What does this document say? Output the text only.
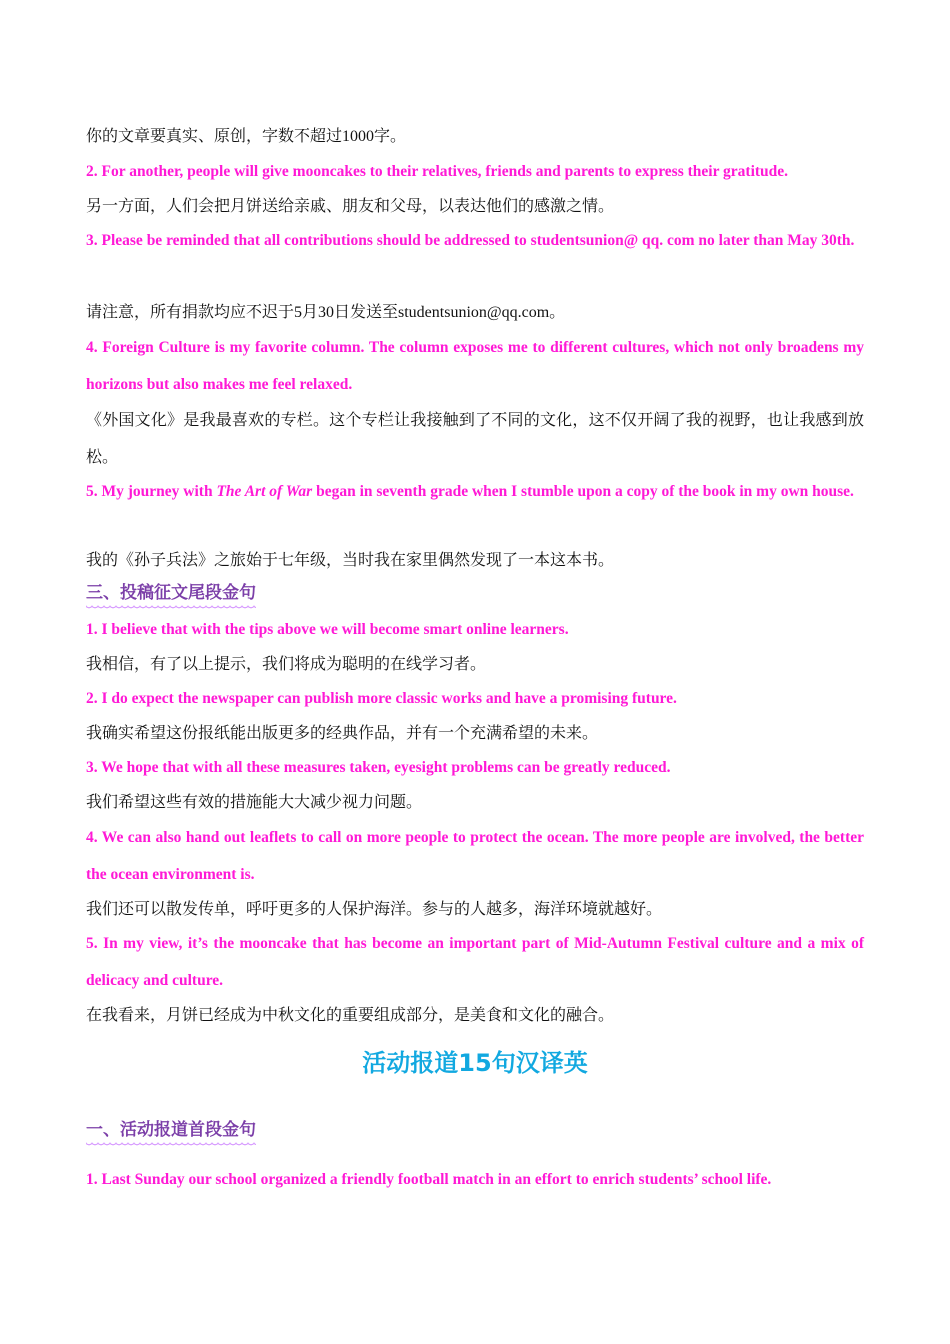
你的文章要真实、原创，字数不超过1000字。
2. For another, people will give mooncakes to their relatives, friends and parents to express their gratitude.
另一方面，人们会把月饼送给亲戚、朋友和父母，以表达他们的感激之情。
3. Please be reminded that all contributions should be addressed to studentsunion@ qq. com no later than May 30th.
请注意，所有捐款均应不迟于5月30日发送至studentsunion@qq.com。
4. Foreign Culture is my favorite column. The column exposes me to different cultures, which not only broadens my horizons but also makes me feel relaxed.
《外国文化》是我最喜欢的专栏。这个专栏让我接触到了不同的文化，这不仅开阔了我的视野，也让我感到放松。
5. My journey with The Art of War began in seventh grade when I stumble upon a copy of the book in my own house.
我的《孙子兵法》之旅始于七年级，当时我在家里偶然发现了一本这本书。
三、投稿征文尾段金句
1. I believe that with the tips above we will become smart online learners.
我相信，有了以上提示，我们将成为聪明的在线学习者。
2. I do expect the newspaper can publish more classic works and have a promising future.
我确实希望这份报纸能出版更多的经典作品，并有一个充满希望的未来。
3. We hope that with all these measures taken, eyesight problems can be greatly reduced.
我们希望这些有效的措施能大大减少视力问题。
4. We can also hand out leaflets to call on more people to protect the ocean. The more people are involved, the better the ocean environment is.
我们还可以散发传单，呼吁更多的人保护海洋。参与的人越多，海洋环境就越好。
5. In my view, it’s the mooncake that has become an important part of Mid-Autumn Festival culture and a mix of delicacy and culture.
在我看来，月饼已经成为中秋文化的重要组成部分，是美食和文化的融合。
活动报道15句汉译英
一、活动报道首段金句
1. Last Sunday our school organized a friendly football match in an effort to enrich students’ school life.
